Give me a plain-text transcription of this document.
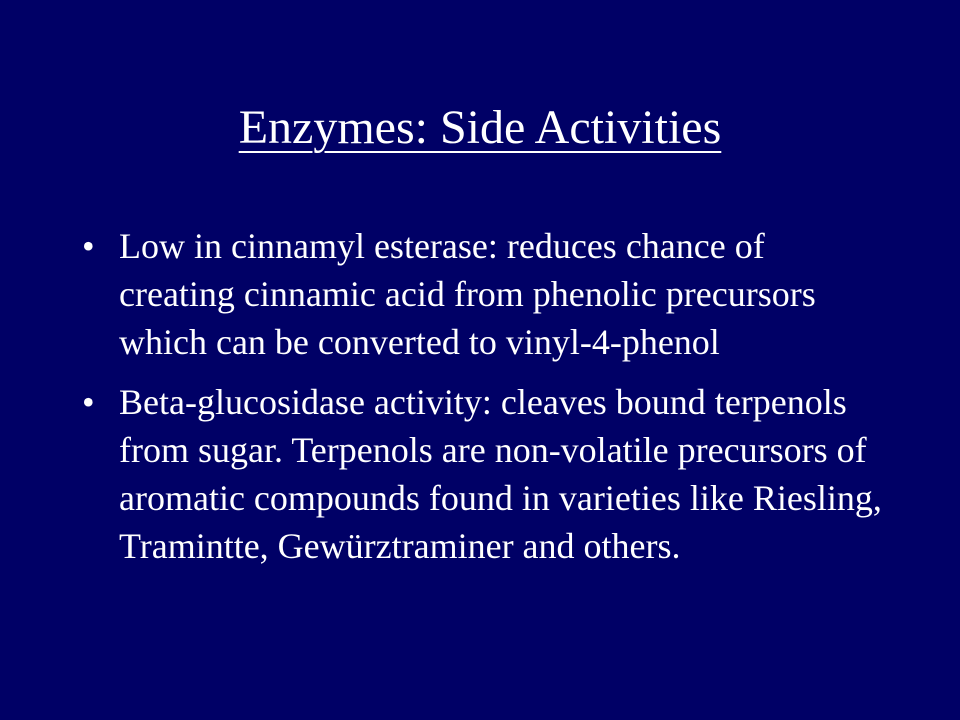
Enzymes: Side Activities
• Low in cinnamyl esterase: reduces chance of creating cinnamic acid from phenolic precursors which can be converted to vinyl-4-phenol
• Beta-glucosidase activity: cleaves bound terpenols from sugar. Terpenols are non-volatile precursors of aromatic compounds found in varieties like Riesling, Tramintte, Gewürztraminer and others.
